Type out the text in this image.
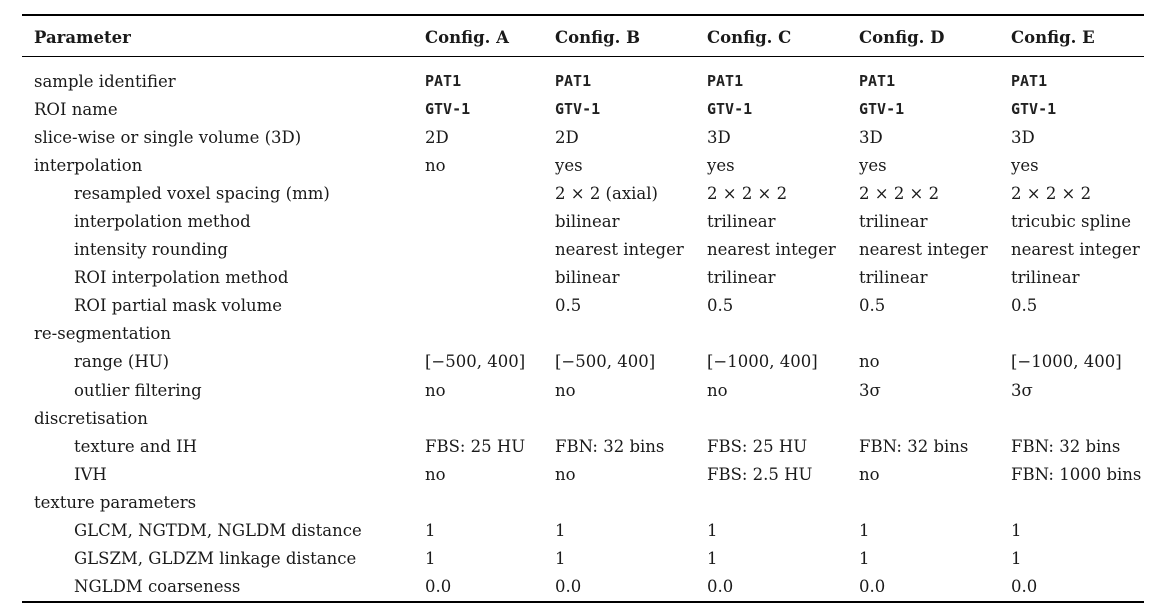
Parameter	Config. A	Config. B	Config. C	Config. D	Config. E
sample identifier	PAT1	PAT1	PAT1	PAT1	PAT1
ROI name	GTV-1	GTV-1	GTV-1	GTV-1	GTV-1
slice-wise or single volume (3D)	2D	2D	3D	3D	3D
interpolation	no	yes	yes	yes	yes
resampled voxel spacing (mm)		2 × 2 (axial)	2 × 2 × 2	2 × 2 × 2	2 × 2 × 2
interpolation method		bilinear	trilinear	trilinear	tricubic spline
intensity rounding		nearest integer	nearest integer	nearest integer	nearest integer
ROI interpolation method		bilinear	trilinear	trilinear	trilinear
ROI partial mask volume		0.5	0.5	0.5	0.5
re-segmentation					
range (HU)	[−500, 400]	[−500, 400]	[−1000, 400]	no	[−1000, 400]
outlier filtering	no	no	no	3σ	3σ
discretisation					
texture and IH	FBS: 25 HU	FBN: 32 bins	FBS: 25 HU	FBN: 32 bins	FBN: 32 bins
IVH	no	no	FBS: 2.5 HU	no	FBN: 1000 bins
texture parameters					
GLCM, NGTDM, NGLDM distance	1	1	1	1	1
GLSZM, GLDZM linkage distance	1	1	1	1	1
NGLDM coarseness	0.0	0.0	0.0	0.0	0.0
